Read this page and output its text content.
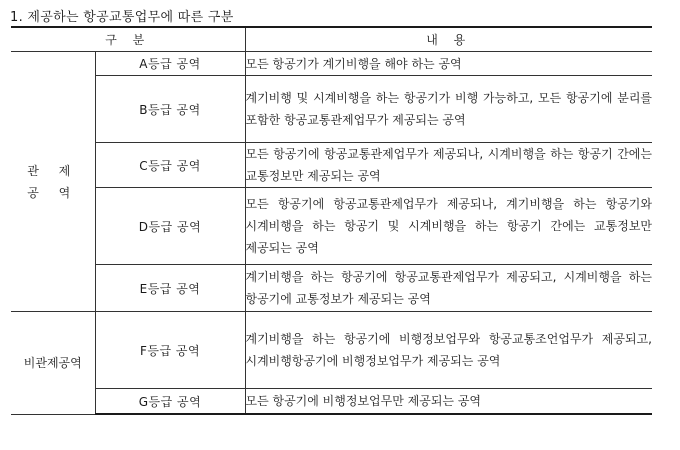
1. 제공하는 항공교통업무에 따른 구분
구 분		내 용

관 제
공 역	A등급 공역	모든 항공기가 계기비행을 해야 하는 공역
	B등급 공역	계기비행 및 시계비행을 하는 항공기가 비행 가능하고, 모든 항공기에 분리를 포함한 항공교통관제업무가 제공되는 공역
	C등급 공역	모든 항공기에 항공교통관제업무가 제공되나, 시계비행을 하는 항공기 간에는 교통정보만 제공되는 공역
	D등급 공역	모든 항공기에 항공교통관제업무가 제공되나, 계기비행을 하는 항공기와 시계비행을 하는 항공기 및 시계비행을 하는 항공기 간에는 교통정보만 제공되는 공역
	E등급 공역	계기비행을 하는 항공기에 항공교통관제업무가 제공되고, 시계비행을 하는 항공기에 교통정보가 제공되는 공역

비관제공역	F등급 공역	계기비행을 하는 항공기에 비행정보업무와 항공교통조언업무가 제공되고, 시계비행항공기에 비행정보업무가 제공되는 공역
	G등급 공역	모든 항공기에 비행정보업무만 제공되는 공역
